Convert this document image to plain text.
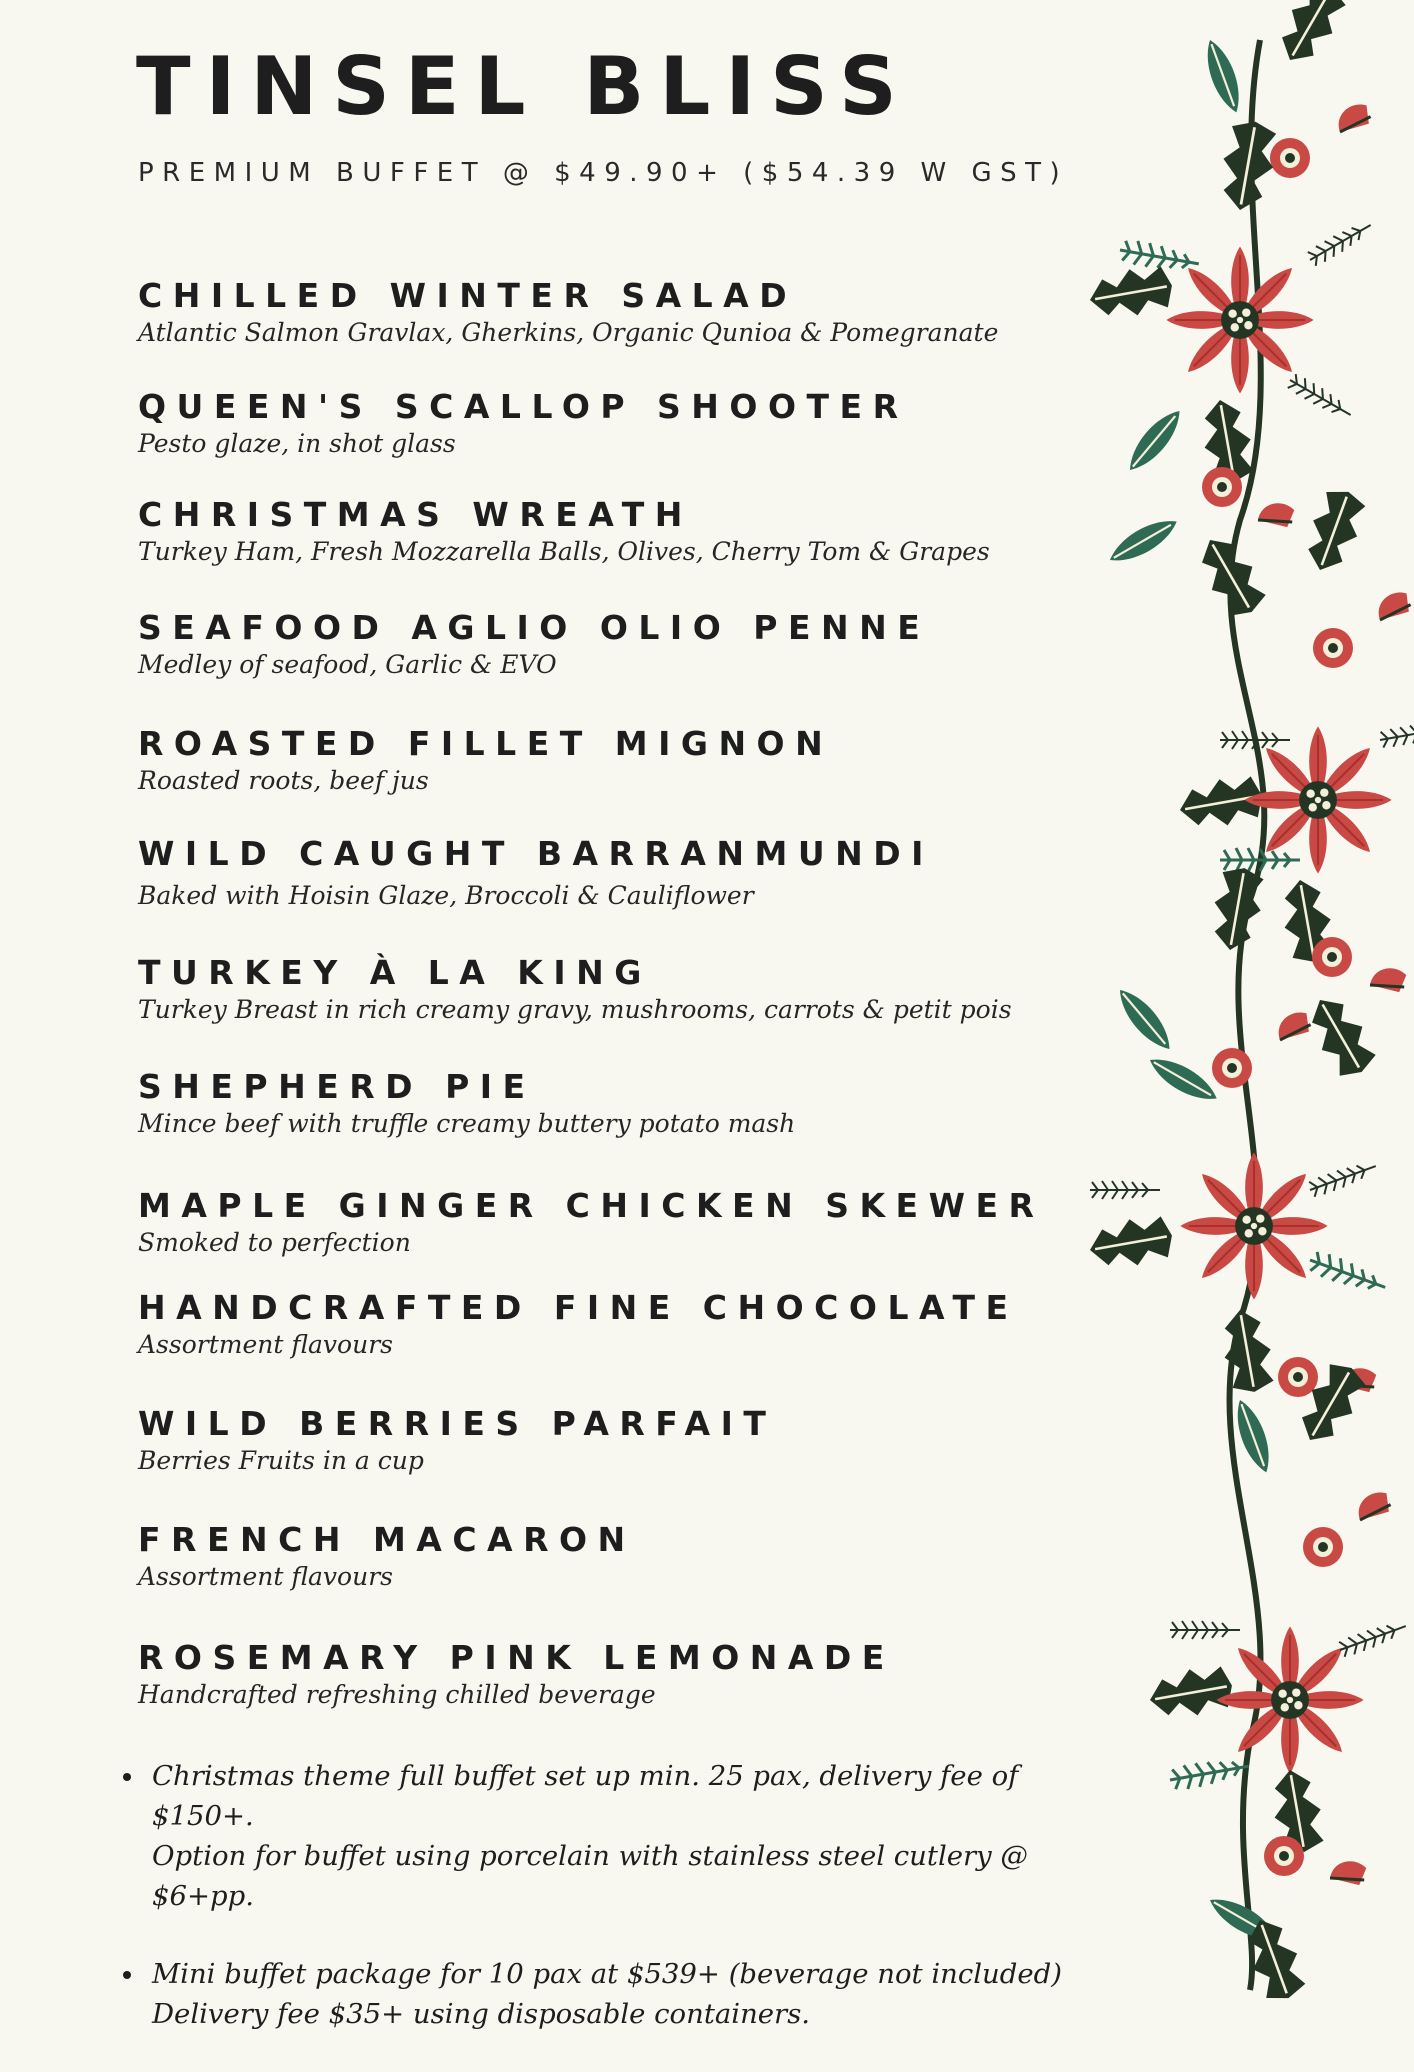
TINSEL BLISS
PREMIUM BUFFET @ $49.90+ ($54.39 W GST)
CHILLED WINTER SALAD
Atlantic Salmon Gravlax, Gherkins, Organic Qunioa & Pomegranate
QUEEN'S SCALLOP SHOOTER
Pesto glaze, in shot glass
CHRISTMAS WREATH
Turkey Ham, Fresh Mozzarella Balls, Olives, Cherry Tom & Grapes
SEAFOOD AGLIO OLIO PENNE
Medley of seafood, Garlic & EVO
ROASTED FILLET MIGNON
Roasted roots, beef jus
WILD CAUGHT BARRANMUNDI
Baked with Hoisin Glaze, Broccoli & Cauliflower
TURKEY À LA KING
Turkey Breast in rich creamy gravy, mushrooms, carrots & petit pois
SHEPHERD PIE
Mince beef with truffle creamy buttery potato mash
MAPLE GINGER CHICKEN SKEWER
Smoked to perfection
HANDCRAFTED FINE CHOCOLATE
Assortment flavours
WILD BERRIES PARFAIT
Berries Fruits in a cup
FRENCH MACARON
Assortment flavours
ROSEMARY PINK LEMONADE
Handcrafted refreshing chilled beverage
• Christmas theme full buffet set up min. 25 pax, delivery fee of $150+.
Option for buffet using porcelain with stainless steel cutlery @ $6+pp.
• Mini buffet package for 10 pax at $539+ (beverage not included)
Delivery fee $35+ using disposable containers.
